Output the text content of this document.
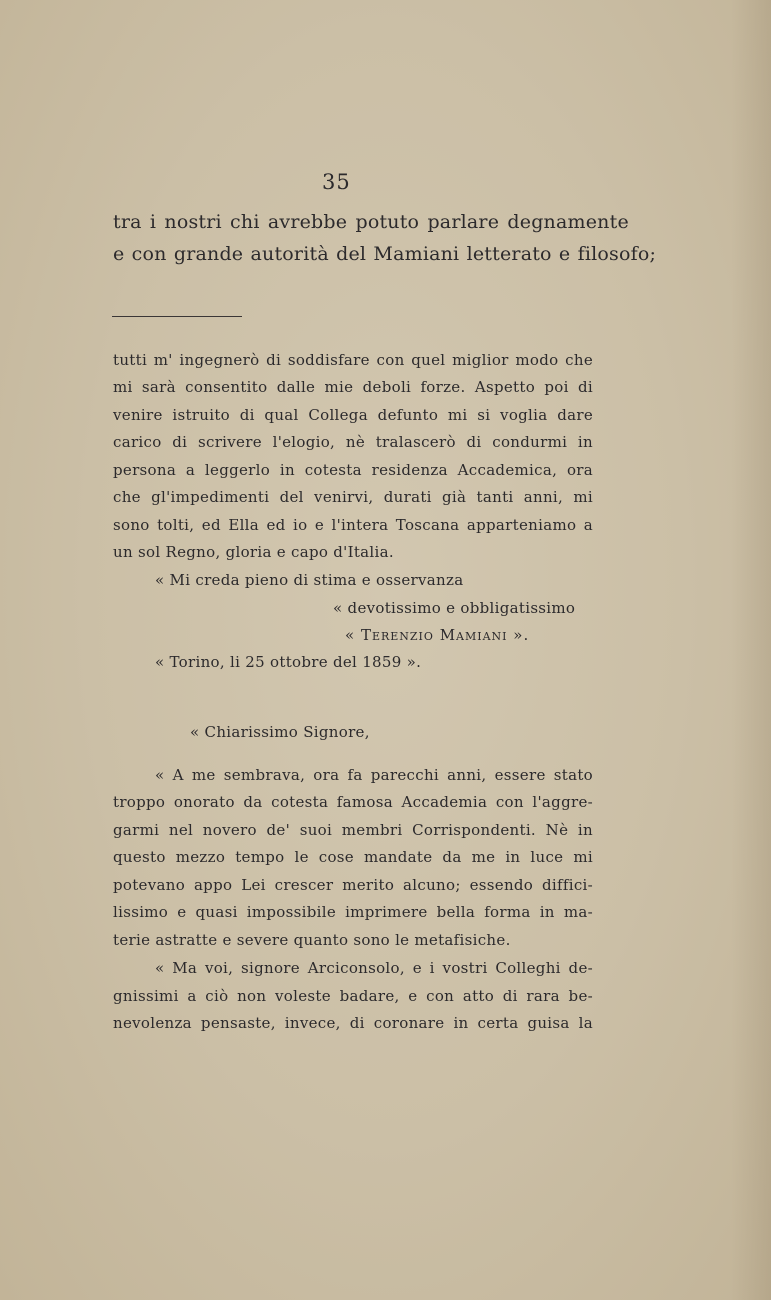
35
tra i nostri chi avrebbe potuto parlare degnamente
e con grande autorità del Mamiani letterato e filosofo;
tutti m' ingegnerò di soddisfare con quel miglior modo che
mi sarà consentito dalle mie deboli forze. Aspetto poi di
venire istruito di qual Collega defunto mi si voglia dare
carico di scrivere l'elogio, nè tralascerò di condurmi in
persona a leggerlo in cotesta residenza Accademica, ora
che gl'impedimenti del venirvi, durati già tanti anni, mi
sono tolti, ed Ella ed io e l'intera Toscana apparteniamo a
un sol Regno, gloria e capo d'Italia.
« Mi creda pieno di stima e osservanza
« devotissimo e obbligatissimo
« Terenzio Mamiani ».
« Torino, li 25 ottobre del 1859 ».
« Chiarissimo Signore,
« A me sembrava, ora fa parecchi anni, essere stato
troppo onorato da cotesta famosa Accademia con l'aggre-
garmi nel novero de' suoi membri Corrispondenti. Nè in
questo mezzo tempo le cose mandate da me in luce mi
potevano appo Lei crescer merito alcuno; essendo diffici-
lissimo e quasi impossibile imprimere bella forma in ma-
terie astratte e severe quanto sono le metafisiche.
« Ma voi, signore Arciconsolo, e i vostri Colleghi de-
gnissimi a ciò non voleste badare, e con atto di rara be-
nevolenza pensaste, invece, di coronare in certa guisa la
